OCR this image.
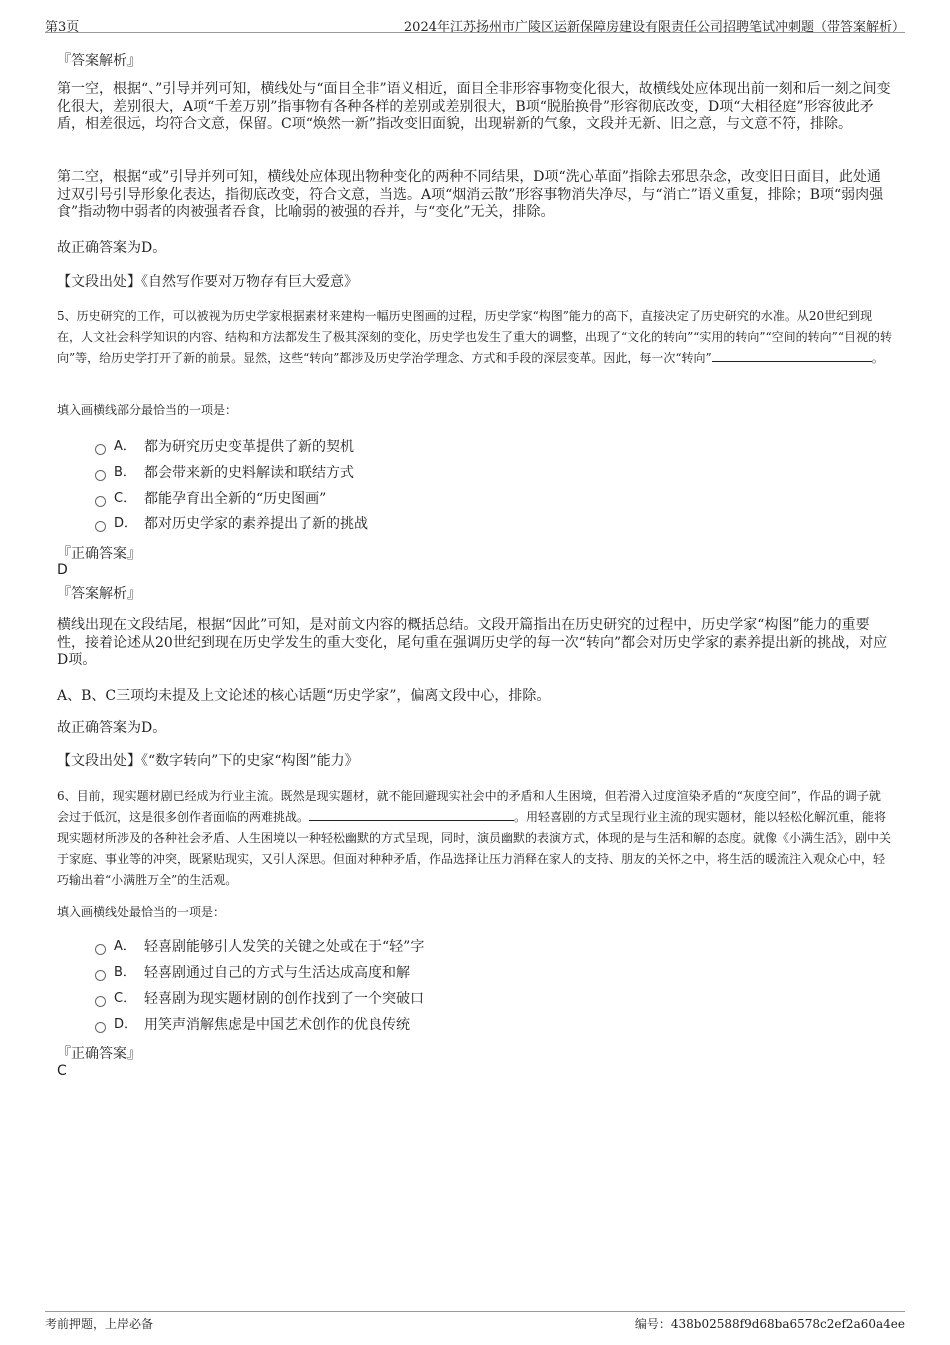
第3页	2024年江苏扬州市广陵区运新保障房建设有限责任公司招聘笔试冲刺题（带答案解析）
『答案解析』

第一空，根据“、”引导并列可知，横线处与“面目全非”语义相近，面目全非形容事物变化很大，故横线处应体现出前一刻和后一刻之间变化很大，差别很大，A项“千差万别”指事物有各种各样的差别或差别很大，B项“脱胎换骨”形容彻底改变，D项“大相径庭”形容彼此矛盾，相差很远，均符合文意，保留。C项“焕然一新”指改变旧面貌，出现崭新的气象，文段并无新、旧之意，与文意不符，排除。

第二空，根据“或”引导并列可知，横线处应体现出物种变化的两种不同结果，D项“洗心革面”指除去邪思杂念，改变旧日面目，此处通过双引号引导形象化表达，指彻底改变，符合文意，当选。A项“烟消云散”形容事物消失净尽，与“消亡”语义重复，排除；B项“弱肉强食”指动物中弱者的肉被强者吞食，比喻弱的被强的吞并，与“变化”无关，排除。

故正确答案为D。

【文段出处】《自然写作要对万物存有巨大爱意》

5、历史研究的工作，可以被视为历史学家根据素材来建构一幅历史图画的过程，历史学家“构图”能力的高下，直接决定了历史研究的水准。从20世纪到现在，人文社会科学知识的内容、结构和方法都发生了极其深刻的变化，历史学也发生了重大的调整，出现了“文化的转向”“实用的转向”“空间的转向”“目视的转向”等，给历史学打开了新的前景。显然，这些“转向”都涉及历史学治学理念、方式和手段的深层变革。因此，每一次“转向”	。

填入画横线部分最恰当的一项是：

A． 都为研究历史变革提供了新的契机
B． 都会带来新的史料解读和联结方式
C． 都能孕育出全新的“历史图画”
D． 都对历史学家的素养提出了新的挑战
『正确答案』
D
『答案解析』

横线出现在文段结尾，根据“因此”可知，是对前文内容的概括总结。文段开篇指出在历史研究的过程中，历史学家“构图”能力的重要性，接着论述从20世纪到现在历史学发生的重大变化，尾句重在强调历史学的每一次“转向”都会对历史学家的素养提出新的挑战，对应D项。

A、B、C三项均未提及上文论述的核心话题“历史学家”，偏离文段中心，排除。

故正确答案为D。

【文段出处】《“数字转向”下的史家“构图”能力》

6、目前，现实题材剧已经成为行业主流。既然是现实题材，就不能回避现实社会中的矛盾和人生困境，但若滑入过度渲染矛盾的“灰度空间”，作品的调子就会过于低沉，这是很多创作者面临的两难挑战。	。用轻喜剧的方式呈现行业主流的现实题材，能以轻松化解沉重，能将现实题材所涉及的各种社会矛盾、人生困境以一种轻松幽默的方式呈现，同时，演员幽默的表演方式，体现的是与生活和解的态度。就像《小满生活》，剧中关于家庭、事业等的冲突，既紧贴现实，又引人深思。但面对种种矛盾，作品选择让压力消释在家人的支持、朋友的关怀之中，将生活的暖流注入观众心中，轻巧输出着“小满胜万全”的生活观。

填入画横线处最恰当的一项是：

A． 轻喜剧能够引人发笑的关键之处或在于“轻”字
B． 轻喜剧通过自己的方式与生活达成高度和解
C． 轻喜剧为现实题材剧的创作找到了一个突破口
D． 用笑声消解焦虑是中国艺术创作的优良传统
『正确答案』
C
考前押题，上岸必备	编号：438b02588f9d68ba6578c2ef2a60a4ee
